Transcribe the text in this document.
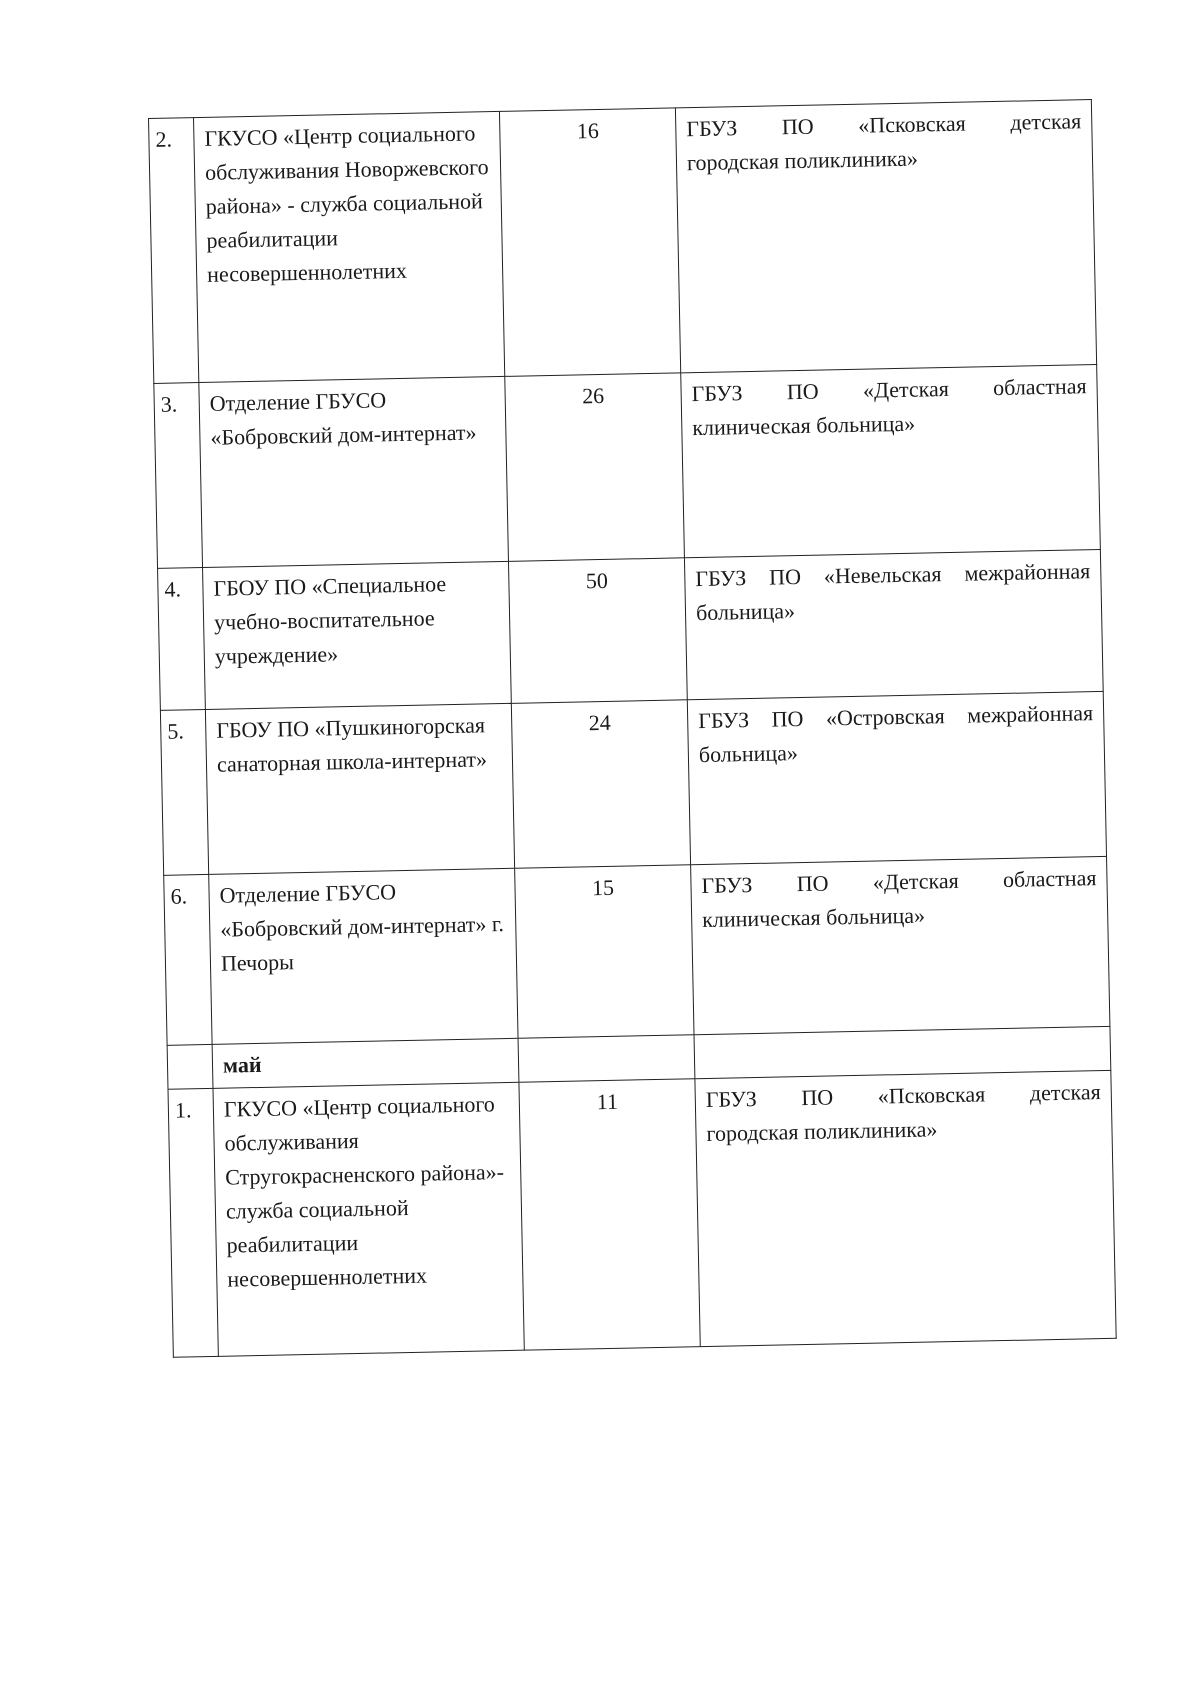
2.	ГКУСО «Центр социального обслуживания Новоржевского района» - служба социальной реабилитации несовершеннолетних	16	ГБУЗ ПО «Псковская детская
городская поликлиника»
3.	Отделение ГБУСО «Бобровский дом-интернат»	26	ГБУЗ ПО «Детская областная
клиническая больница»
4.	ГБОУ ПО «Специальное учебно-воспитательное учреждение»	50	ГБУЗ ПО «Невельская межрайонная
больница»
5.	ГБОУ ПО «Пушкиногорская санаторная школа-интернат»	24	ГБУЗ ПО «Островская межрайонная
больница»
6.	Отделение ГБУСО «Бобровский дом-интернат» г. Печоры	15	ГБУЗ ПО «Детская областная
клиническая больница»
	май		
1.	ГКУСО «Центр социального обслуживания Стругокрасненского района»- служба социальной реабилитации несовершеннолетних	11	ГБУЗ ПО «Псковская детская
городская поликлиника»
